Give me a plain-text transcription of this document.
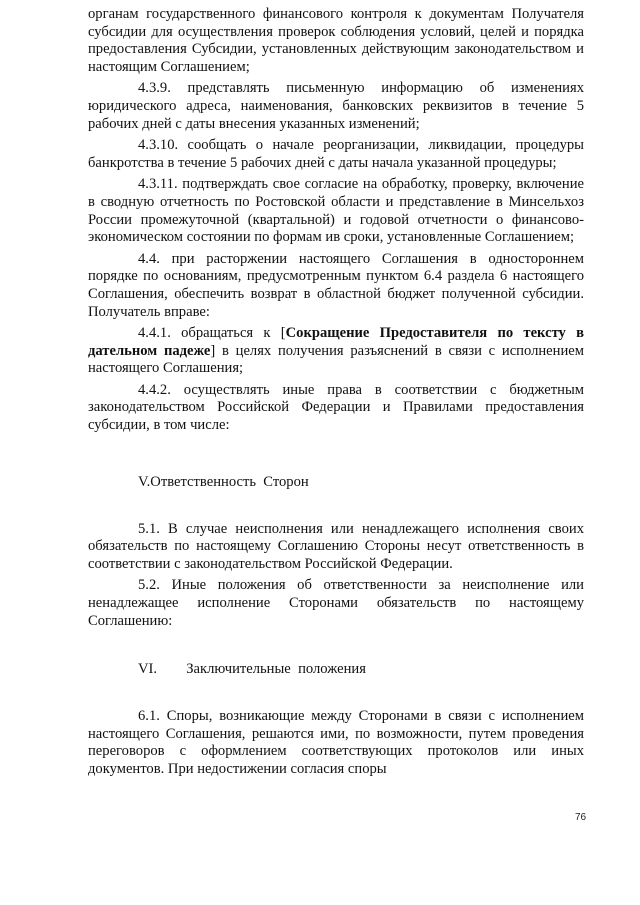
органам государственного финансового контроля к документам Получателя субсидии для осуществления проверок соблюдения условий, целей и порядка предоставления Субсидии, установленных действующим законодательством и настоящим Соглашением;

4.3.9. представлять письменную информацию об изменениях юридического адреса, наименования, банковских реквизитов в течение 5 рабочих дней с даты внесения указанных изменений;

4.3.10. сообщать о начале реорганизации, ликвидации, процедуры банкротства в течение 5 рабочих дней с даты начала указанной процедуры;

4.3.11. подтверждать свое согласие на обработку, проверку, включение в сводную отчетность по Ростовской области и представление в Минсельхоз России промежуточной (квартальной) и годовой отчетности о финансово-экономическом состоянии по формам ив сроки, установленные Соглашением;

4.4. при расторжении настоящего Соглашения в одностороннем порядке по основаниям, предусмотренным пунктом 6.4 раздела 6 настоящего Соглашения, обеспечить возврат в областной бюджет полученной субсидии. Получатель вправе:

4.4.1. обращаться к [Сокращение Предоставителя по тексту в дательном падеже] в целях получения разъяснений в связи с исполнением настоящего Соглашения;

4.4.2. осуществлять иные права в соответствии с бюджетным законодательством Российской Федерации и Правилами предоставления субсидии, в том числе:

V.Ответственность  Сторон

5.1. В случае неисполнения или ненадлежащего исполнения своих обязательств по настоящему Соглашению Стороны несут ответственность в соответствии с законодательством Российской Федерации.

5.2. Иные положения об ответственности за неисполнение или ненадлежащее исполнение Сторонами обязательств по настоящему Соглашению:

VI.        Заключительные  положения

6.1. Споры, возникающие между Сторонами в связи с исполнением настоящего Соглашения, решаются ими, по возможности, путем проведения переговоров с оформлением соответствующих протоколов или иных документов. При недостижении согласия споры

76
